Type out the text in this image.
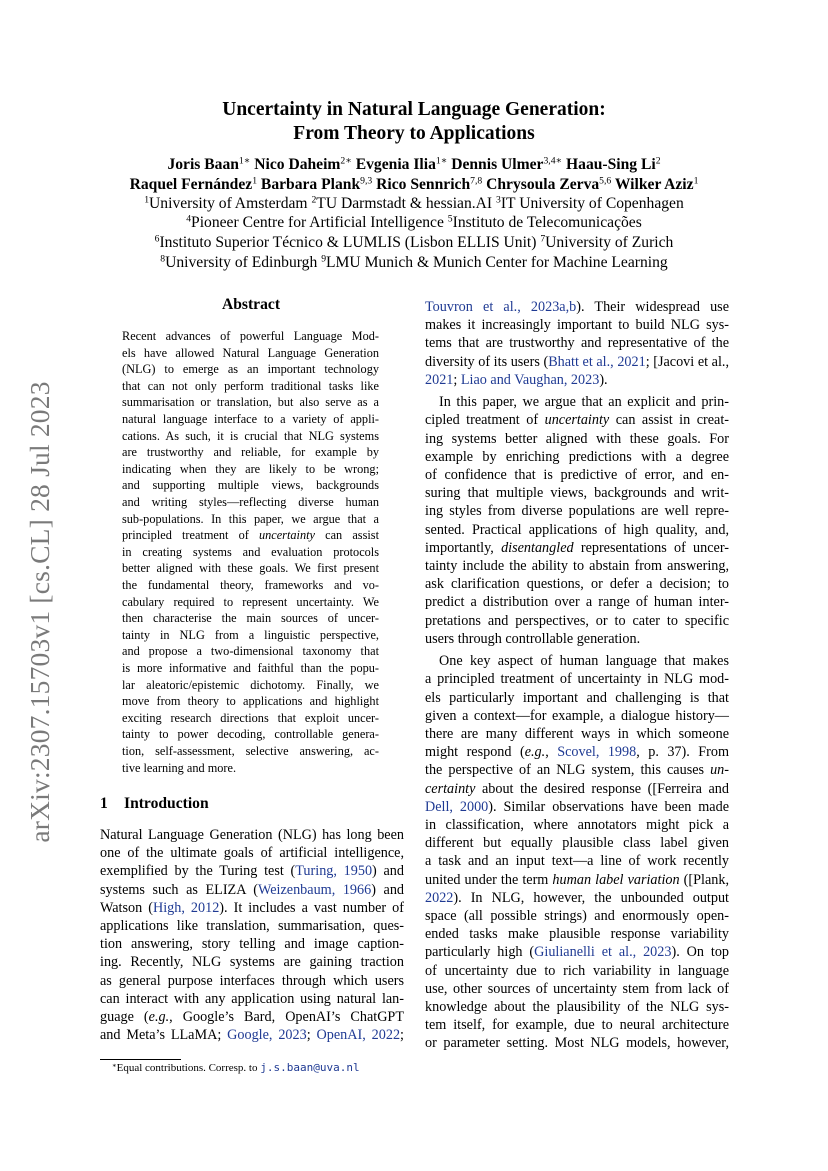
arXiv:2307.15703v1 [cs.CL] 28 Jul 2023
Uncertainty in Natural Language Generation:
From Theory to Applications
Joris Baan$^{1∗}$ Nico Daheim$^{2∗}$ Evgenia Ilia$^{1∗}$ Dennis Ulmer$^{3,4∗}$ Haau-Sing Li$^2$
Raquel Fernández$^1$ Barbara Plank$^{9,3}$ Rico Sennrich$^{7,8}$ Chrysoula Zerva$^{5,6}$ Wilker Aziz$^1$
$^1$University of Amsterdam $^2$TU Darmstadt & hessian.AI $^3$IT University of Copenhagen
$^4$Pioneer Centre for Artificial Intelligence $^5$Instituto de Telecomunicações
$^6$Instituto Superior Técnico & LUMLIS (Lisbon ELLIS Unit) $^7$University of Zurich
$^8$University of Edinburgh $^9$LMU Munich & Munich Center for Machine Learning
Abstract
Recent advances of powerful Language Mod-
els have allowed Natural Language Generation
(NLG) to emerge as an important technology
that can not only perform traditional tasks like
summarisation or translation, but also serve as a
natural language interface to a variety of appli-
cations. As such, it is crucial that NLG systems
are trustworthy and reliable, for example by
indicating when they are likely to be wrong;
and supporting multiple views, backgrounds
and writing styles—reflecting diverse human
sub-populations. In this paper, we argue that a
principled treatment of uncertainty can assist
in creating systems and evaluation protocols
better aligned with these goals. We first present
the fundamental theory, frameworks and vo-
cabulary required to represent uncertainty. We
then characterise the main sources of uncer-
tainty in NLG from a linguistic perspective,
and propose a two-dimensional taxonomy that
is more informative and faithful than the popu-
lar aleatoric/epistemic dichotomy. Finally, we
move from theory to applications and highlight
exciting research directions that exploit uncer-
tainty to power decoding, controllable genera-
tion, self-assessment, selective answering, ac-
tive learning and more.
1 Introduction
Natural Language Generation (NLG) has long been
one of the ultimate goals of artificial intelligence,
exemplified by the Turing test (Turing, 1950) and
systems such as ELIZA (Weizenbaum, 1966) and
Watson (High, 2012). It includes a vast number of
applications like translation, summarisation, ques-
tion answering, story telling and image caption-
ing. Recently, NLG systems are gaining traction
as general purpose interfaces through which users
can interact with any application using natural lan-
guage (e.g., Google’s Bard, OpenAI’s ChatGPT
and Meta’s LLaMA; Google, 2023; OpenAI, 2022;
Touvron et al., 2023a,b). Their widespread use
makes it increasingly important to build NLG sys-
tems that are trustworthy and representative of the
diversity of its users (Bhatt et al., 2021; [Jacovi et al.,
2021; Liao and Vaughan, 2023).
In this paper, we argue that an explicit and prin-
cipled treatment of uncertainty can assist in creat-
ing systems better aligned with these goals. For
example by enriching predictions with a degree
of confidence that is predictive of error, and en-
suring that multiple views, backgrounds and writ-
ing styles from diverse populations are well repre-
sented. Practical applications of high quality, and,
importantly, disentangled representations of uncer-
tainty include the ability to abstain from answering,
ask clarification questions, or defer a decision; to
predict a distribution over a range of human inter-
pretations and perspectives, or to cater to specific
users through controllable generation.
One key aspect of human language that makes
a principled treatment of uncertainty in NLG mod-
els particularly important and challenging is that
given a context—for example, a dialogue history—
there are many different ways in which someone
might respond (e.g., Scovel, 1998, p. 37). From
the perspective of an NLG system, this causes un-
certainty about the desired response ([Ferreira and
Dell, 2000). Similar observations have been made
in classification, where annotators might pick a
different but equally plausible class label given
a task and an input text—a line of work recently
united under the term human label variation ([Plank,
2022). In NLG, however, the unbounded output
space (all possible strings) and enormously open-
ended tasks make plausible response variability
particularly high (Giulianelli et al., 2023). On top
of uncertainty due to rich variability in language
use, other sources of uncertainty stem from lack of
knowledge about the plausibility of the NLG sys-
tem itself, for example, due to neural architecture
or parameter setting. Most NLG models, however,
∗Equal contributions. Corresp. to j.s.baan@uva.nl
